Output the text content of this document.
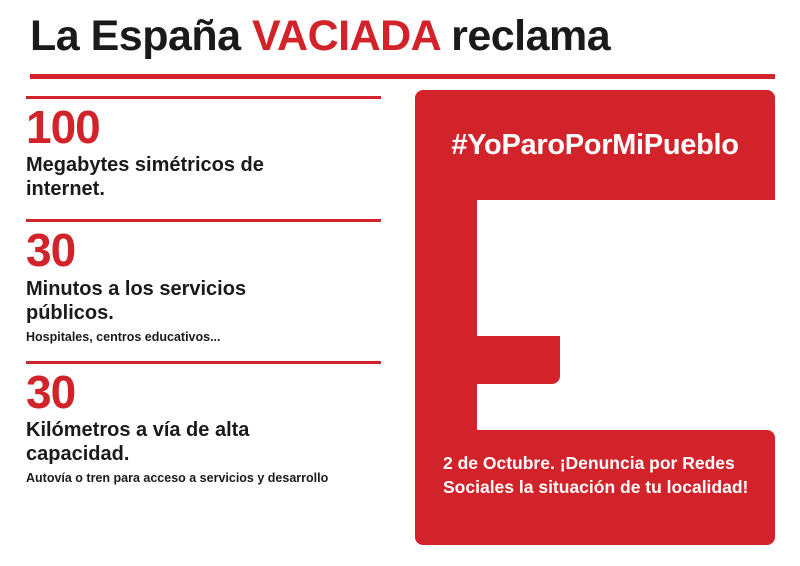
La España VACIADA reclama
100
Megabytes simétricos de internet.
30
Minutos a los servicios públicos.
Hospitales, centros educativos...
30
Kilómetros a vía de alta capacidad.
Autovía o tren para acceso a servicios y desarrollo
#YoParoPorMiPueblo
2 de Octubre. ¡Denuncia por Redes Sociales la situación de tu localidad!
